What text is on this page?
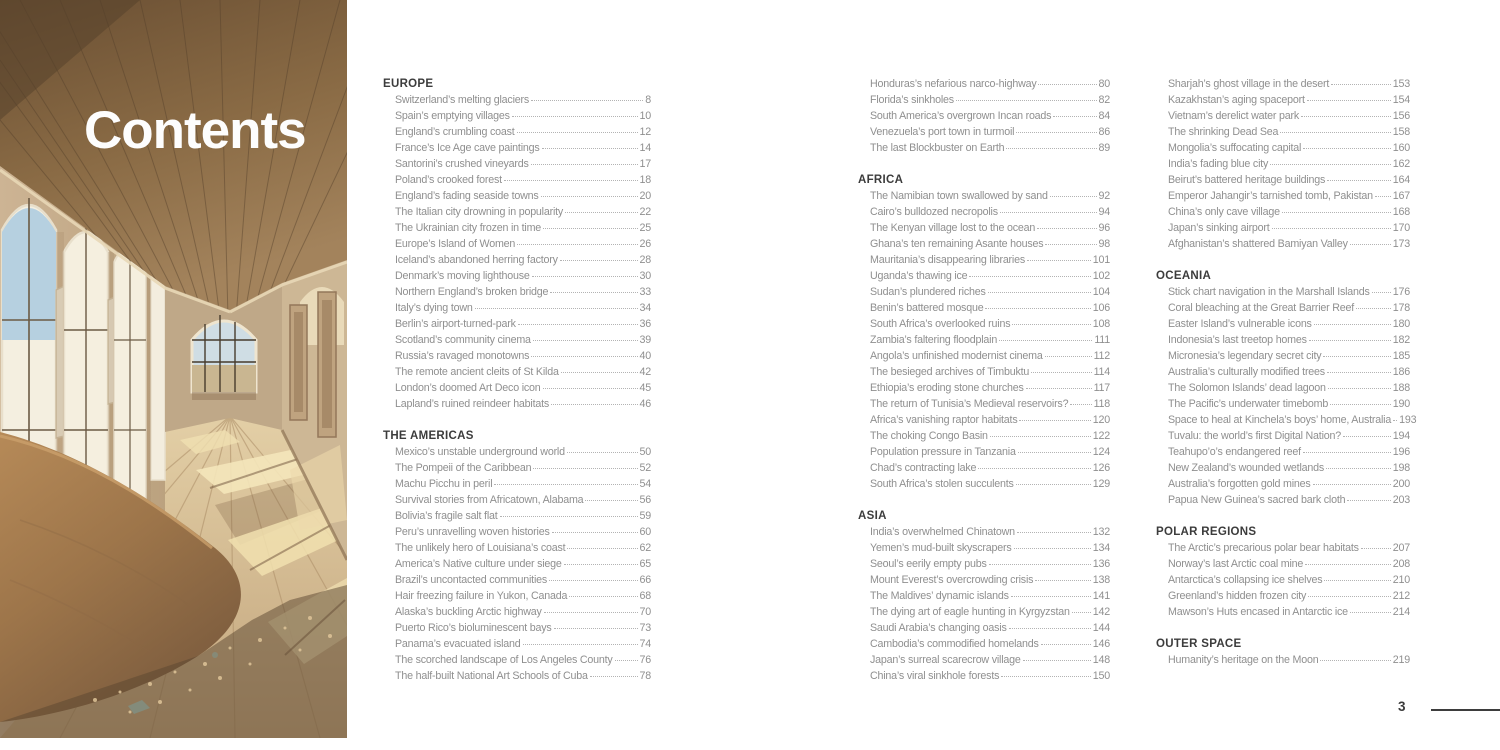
Contents
EUROPE
Switzerland’s melting glaciers	8
Spain’s emptying villages	10
England’s crumbling coast	12
France’s Ice Age cave paintings	14
Santorini’s crushed vineyards	17
Poland’s crooked forest	18
England’s fading seaside towns	20
The Italian city drowning in popularity	22
The Ukrainian city frozen in time	25
Europe’s Island of Women	26
Iceland’s abandoned herring factory	28
Denmark’s moving lighthouse	30
Northern England’s broken bridge	33
Italy’s dying town	34
Berlin’s airport-turned-park	36
Scotland’s community cinema	39
Russia’s ravaged monotowns	40
The remote ancient cleits of St Kilda	42
London’s doomed Art Deco icon	45
Lapland’s ruined reindeer habitats	46
THE AMERICAS
Mexico’s unstable underground world	50
The Pompeii of the Caribbean	52
Machu Picchu in peril	54
Survival stories from Africatown, Alabama	56
Bolivia’s fragile salt flat	59
Peru’s unravelling woven histories	60
The unlikely hero of Louisiana’s coast	62
America’s Native culture under siege	65
Brazil’s uncontacted communities	66
Hair freezing failure in Yukon, Canada	68
Alaska’s buckling Arctic highway	70
Puerto Rico’s bioluminescent bays	73
Panama’s evacuated island	74
The scorched landscape of Los Angeles County	76
The half-built National Art Schools of Cuba	78
Honduras’s nefarious narco-highway	80
Florida’s sinkholes	82
South America’s overgrown Incan roads	84
Venezuela’s port town in turmoil	86
The last Blockbuster on Earth	89
AFRICA
The Namibian town swallowed by sand	92
Cairo’s bulldozed necropolis	94
The Kenyan village lost to the ocean	96
Ghana’s ten remaining Asante houses	98
Mauritania’s disappearing libraries	101
Uganda’s thawing ice	102
Sudan’s plundered riches	104
Benin’s battered mosque	106
South Africa’s overlooked ruins	108
Zambia’s faltering floodplain	111
Angola’s unfinished modernist cinema	112
The besieged archives of Timbuktu	114
Ethiopia’s eroding stone churches	117
The return of Tunisia’s Medieval reservoirs? 118
Africa’s vanishing raptor habitats	120
The choking Congo Basin	122
Population pressure in Tanzania	124
Chad’s contracting lake	126
South Africa’s stolen succulents	129
ASIA
India’s overwhelmed Chinatown	132
Yemen’s mud-built skyscrapers	134
Seoul’s eerily empty pubs	136
Mount Everest’s overcrowding crisis	138
The Maldives’ dynamic islands	141
The dying art of eagle hunting in Kyrgyzstan 142
Saudi Arabia’s changing oasis	144
Cambodia’s commodified homelands	146
Japan’s surreal scarecrow village	148
China’s viral sinkhole forests	150
Sharjah’s ghost village in the desert	153
Kazakhstan’s aging spaceport	154
Vietnam’s derelict water park	156
The shrinking Dead Sea	158
Mongolia’s suffocating capital	160
India’s fading blue city	162
Beirut’s battered heritage buildings	164
Emperor Jahangir’s tarnished tomb, Pakistan 167
China’s only cave village	168
Japan’s sinking airport	170
Afghanistan’s shattered Bamiyan Valley	173
OCEANIA
Stick chart navigation in the Marshall Islands 176
Coral bleaching at the Great Barrier Reef	178
Easter Island’s vulnerable icons	180
Indonesia’s last treetop homes	182
Micronesia’s legendary secret city	185
Australia’s culturally modified trees	186
The Solomon Islands’ dead lagoon	188
The Pacific’s underwater timebomb	190
Space to heal at Kinchela’s boys’ home, Australia 193
Tuvalu: the world’s first Digital Nation?	194
Teahupo’o’s endangered reef	196
New Zealand’s wounded wetlands	198
Australia’s forgotten gold mines	200
Papua New Guinea’s sacred bark cloth	203
POLAR REGIONS
The Arctic’s precarious polar bear habitats	207
Norway’s last Arctic coal mine	208
Antarctica’s collapsing ice shelves	210
Greenland’s hidden frozen city	212
Mawson’s Huts encased in Antarctic ice	214
OUTER SPACE
Humanity’s heritage on the Moon	219
3
